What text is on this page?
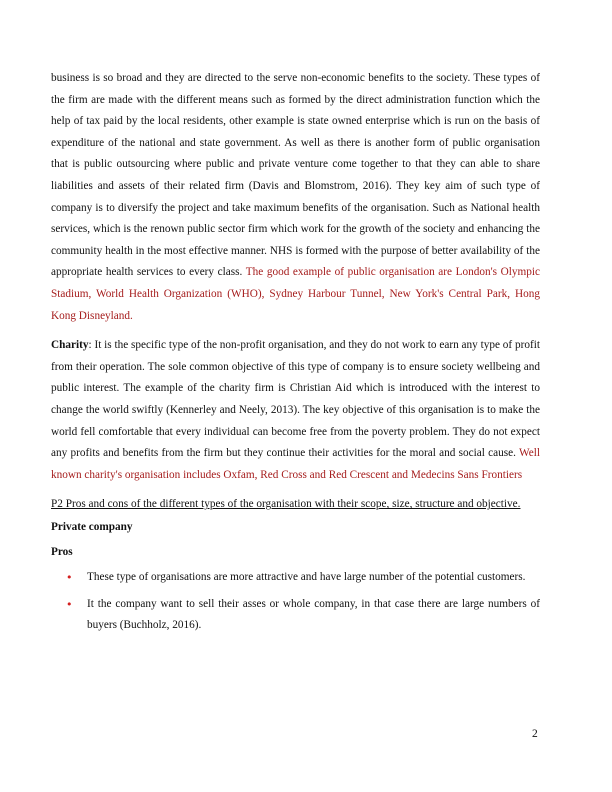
business is so broad and they are directed to the serve non-economic benefits to the society. These types of the firm are made with the different means such as formed by the direct administration function which the help of tax paid by the local residents, other example is state owned enterprise which is run on the basis of expenditure of the national and state government. As well as there is another form of public organisation that is public outsourcing where public and private venture come together to that they can able to share liabilities and assets of their related firm (Davis and Blomstrom, 2016). They key aim of such type of company is to diversify the project and take maximum benefits of the organisation. Such as National health services, which is the renown public sector firm which work for the growth of the society and enhancing the community health in the most effective manner. NHS is formed with the purpose of better availability of the appropriate health services to every class. The good example of public organisation are London's Olympic Stadium, World Health Organization (WHO), Sydney Harbour Tunnel, New York's Central Park, Hong Kong Disneyland.

Charity: It is the specific type of the non-profit organisation, and they do not work to earn any type of profit from their operation. The sole common objective of this type of company is to ensure society wellbeing and public interest. The example of the charity firm is Christian Aid which is introduced with the interest to change the world swiftly (Kennerley and Neely, 2013). The key objective of this organisation is to make the world fell comfortable that every individual can become free from the poverty problem. They do not expect any profits and benefits from the firm but they continue their activities for the moral and social cause. Well known charity's organisation includes Oxfam, Red Cross and Red Crescent and Medecins Sans Frontiers

P2 Pros and cons of the different types of the organisation with their scope, size, structure and objective.

Private company

Pros

• These type of organisations are more attractive and have large number of the potential customers.
• It the company want to sell their asses or whole company, in that case there are large numbers of buyers (Buchholz, 2016).
2
